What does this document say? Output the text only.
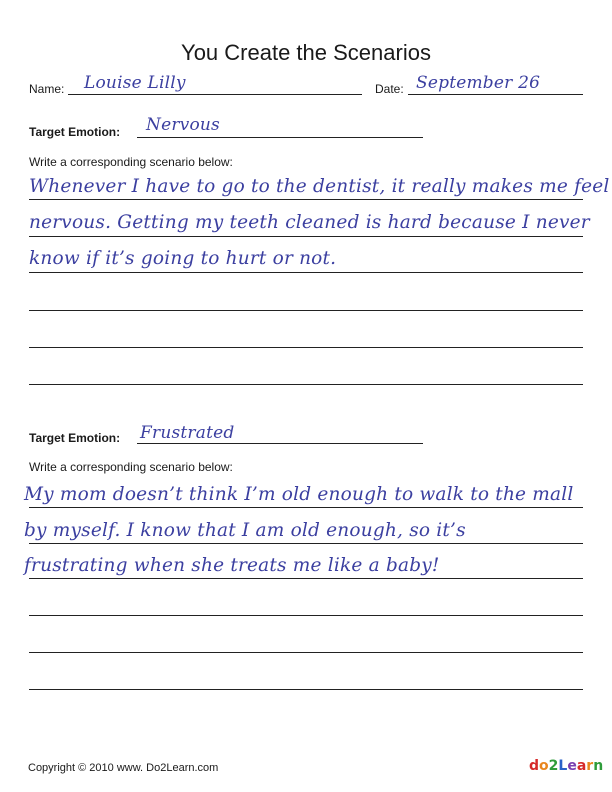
You Create the Scenarios
Name: Louise Lilly	Date: September 26
Target Emotion: Nervous
Write a corresponding scenario below:
Whenever I have to go to the dentist, it really makes me feel
nervous. Getting my teeth cleaned is hard because I never
know if it’s going to hurt or not.
Target Emotion: Frustrated
Write a corresponding scenario below:
My mom doesn’t think I’m old enough to walk to the mall
by myself. I know that I am old enough, so it’s
frustrating when she treats me like a baby!
Copyright © 2010 www. Do2Learn.com	do2Learn
